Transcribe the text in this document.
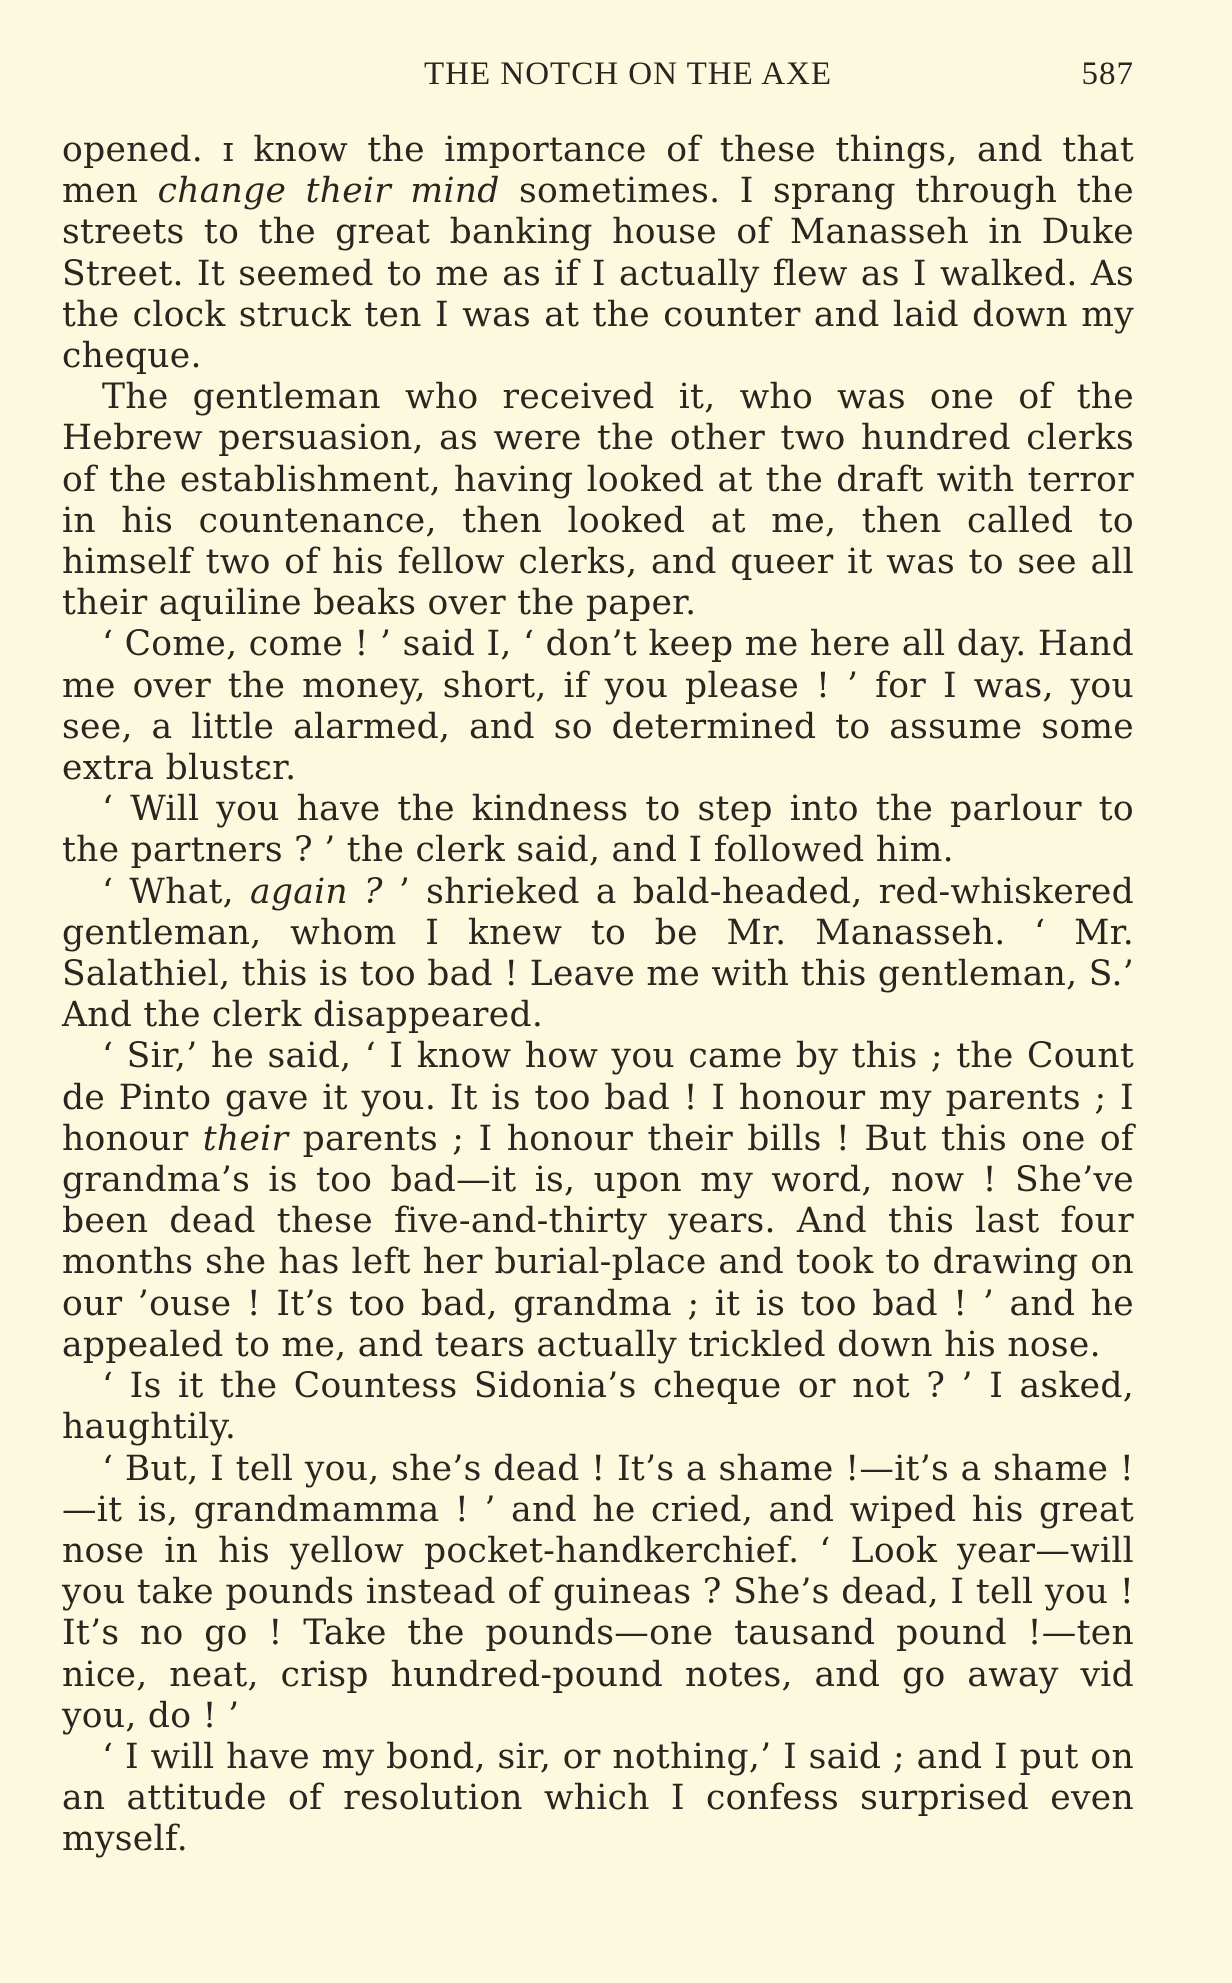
THE NOTCH ON THE AXE	587

opened. ɪ know the importance of these things, and that men change their mind sometimes. I sprang through the streets to the great banking house of Manasseh in Duke Street. It seemed to me as if I actually flew as I walked. As the clock struck ten I was at the counter and laid down my cheque.

The gentleman who received it, who was one of the Hebrew persuasion, as were the other two hundred clerks of the establishment, having looked at the draft with terror in his countenance, then looked at me, then called to himself two of his fellow clerks, and queer it was to see all their aquiline beaks over the paper.

‘ Come, come ! ’ said I, ‘ don’t keep me here all day. Hand me over the money, short, if you please ! ’ for I was, you see, a little alarmed, and so determined to assume some extra blustɛr.

‘ Will you have the kindness to step into the parlour to the partners ? ’ the clerk said, and I followed him.

‘ What, again ? ’ shrieked a bald-headed, red-whiskered gentleman, whom I knew to be Mr. Manasseh. ‘ Mr. Salathiel, this is too bad ! Leave me with this gentleman, S.’ And the clerk disappeared.

‘ Sir,’ he said, ‘ I know how you came by this ; the Count de Pinto gave it you. It is too bad ! I honour my parents ; I honour their parents ; I honour their bills ! But this one of grandma’s is too bad—it is, upon my word, now ! She’ve been dead these five-and-thirty years. And this last four months she has left her burial-place and took to drawing on our ’ouse ! It’s too bad, grandma ; it is too bad ! ’ and he appealed to me, and tears actually trickled down his nose.

‘ Is it the Countess Sidonia’s cheque or not ? ’ I asked, haughtily.

‘ But, I tell you, she’s dead ! It’s a shame !—it’s a shame !—it is, grandmamma ! ’ and he cried, and wiped his great nose in his yellow pocket-handkerchief. ‘ Look year—will you take pounds instead of guineas ? She’s dead, I tell you ! It’s no go ! Take the pounds—one tausand pound !—ten nice, neat, crisp hundred-pound notes, and go away vid you, do ! ’

‘ I will have my bond, sir, or nothing,’ I said ; and I put on an attitude of resolution which I confess surprised even myself.
